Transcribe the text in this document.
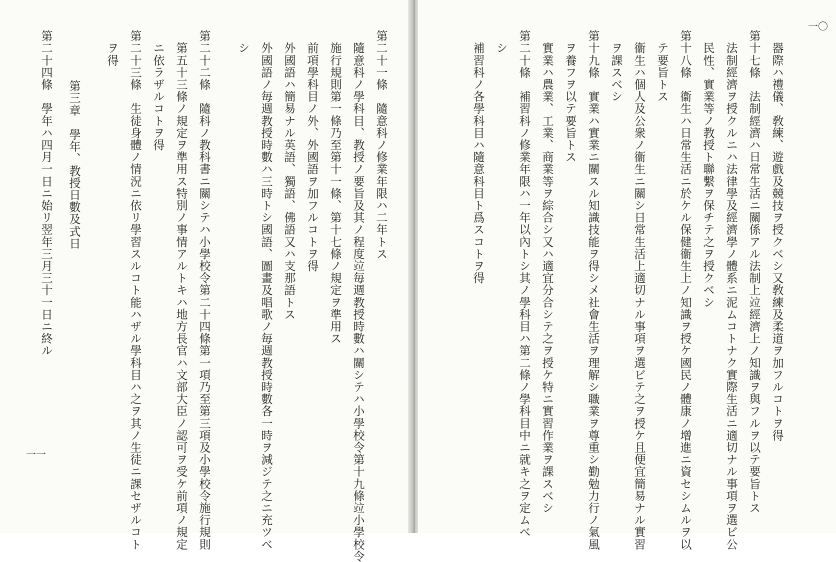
第二十一條　隨意科ノ修業年限ハ二年トス
　隨意科ノ學科目、教授ノ要旨及其ノ程度竝毎週教授時數ハ關シテハ小學校令第十九條竝小學校令
　施行規則第一條乃至第十一條、第十七條ノ規定ヲ準用ス
　前項學科目ノ外、外國語ヲ加フルコトヲ得
　外國語ハ簡易ナル英語、獨語、佛語又ハ支那語トス
　外國語ノ毎週教授時數ハ三時トシ國語、圖畫及唱歌ノ毎週教授時數各一時ヲ減ジテ之ニ充ツベ
　シ
第二十二條　隨科ノ教科書ニ關シテハ小學校令第二十四條第一項乃至第三項及小學校令施行規則
　第五十三條ノ規定ヲ準用ス特別ノ事情アルトキハ地方長官ハ文部大臣ノ認可ヲ受ケ前項ノ規定
　ニ依ラザルコトヲ得
第二十三條　生徒身體ノ情況ニ依リ學習スルコト能ハザル學科目ハ之ヲ其ノ生徒ニ課セザルコト
　ヲ得
第三章　學年、教授日數及式日
第二十四條　學年ハ四月一日ニ始リ翌年三月三十一日ニ終ル
一一
　器際ハ禮儀、敎練、遊戲及競技ヲ授クベシ又敎練及柔道ヲ加フルコトヲ得
第十七條　法制經濟ハ日常生活ニ關係アル法制上竝經濟上ノ知識ヲ與フルヲ以テ要旨トス
　法制經濟ヲ授クルニハ法律學及經濟學ノ體系ニ泥ムコトナク實際生活ニ適切ナル事項ヲ選ビ公
　民性、實業等ノ教授ト聯繫ヲ保チテ之ヲ授クベシ
第十八條　衞生ハ日常生活ニ於ケル保健衞生上ノ知識ヲ授ケ國民ノ體康ノ增進ニ資セシムルヲ以
　テ要旨トス
　衞生ハ個人及公衆ノ衞生ニ關シ日常生活上適切ナル事項ヲ選ビテ之ヲ授ケ且便宜簡易ナル實習
　ヲ課スベシ
第十九條　實業ハ實業ニ關スル知識技能ヲ得シメ社會生活ヲ理解シ職業ヲ尊重シ勤勉力行ノ氣風
　ヲ養フヲ以テ要旨トス
　實業ハ農業、工業、商業等ヲ綜合シ又ハ適宜分合シテ之ヲ授ケ特ニ實習作業ヲ課スベシ
第二十條　補習科ノ修業年限ハ一年以內トシ其ノ學科目ハ第二條ノ學科目中ニ就キ之ヲ定ムベ
　シ
　補習科ノ各學科目ハ隨意科目ト爲スコトヲ得
一〇
